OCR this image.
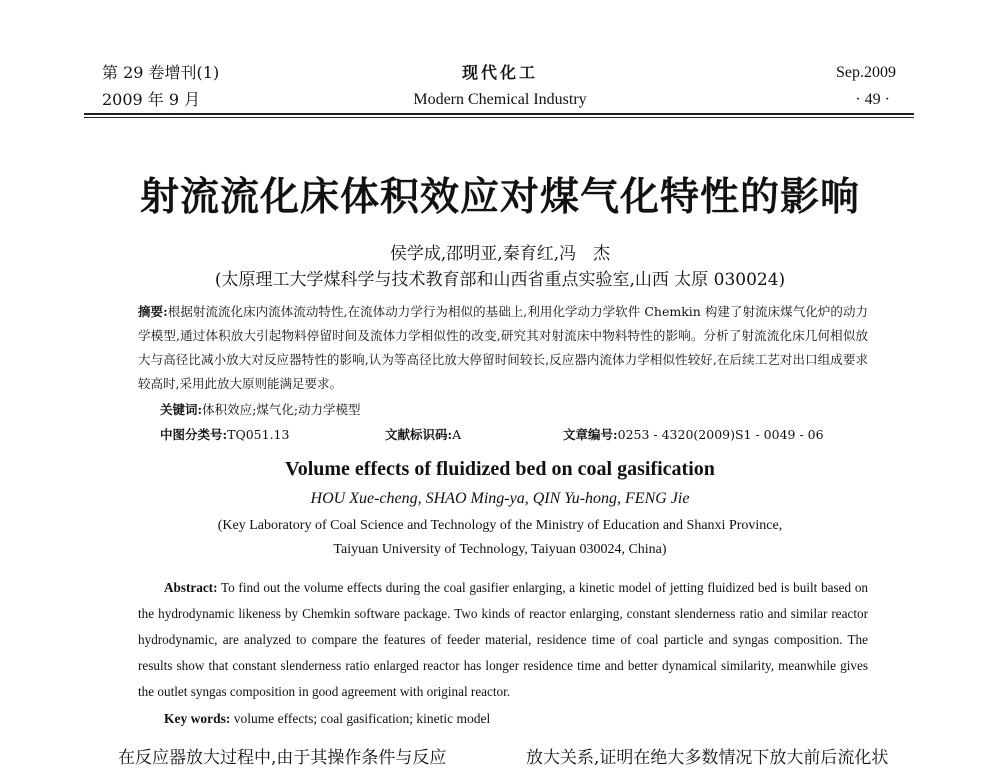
第 29 卷增刊(1)
2009 年 9 月
现代化工
Modern Chemical Industry
Sep.2009
· 49 ·
射流流化床体积效应对煤气化特性的影响
侯学成,邵明亚,秦育红,冯　杰
(太原理工大学煤科学与技术教育部和山西省重点实验室,山西 太原 030024)
摘要:根据射流流化床内流体流动特性,在流体动力学行为相似的基础上,利用化学动力学软件 Chemkin 构建了射流床煤气化炉的动力学模型,通过体积放大引起物料停留时间及流体力学相似性的改变,研究其对射流床中物料特性的影响。分析了射流流化床几何相似放大与高径比减小放大对反应器特性的影响,认为等高径比放大停留时间较长,反应器内流体力学相似性较好,在后续工艺对出口组成要求较高时,采用此放大原则能满足要求。
关键词:体积效应;煤气化;动力学模型
中图分类号:TQ051.13	文献标识码:A	文章编号:0253 - 4320(2009)S1 - 0049 - 06
Volume effects of fluidized bed on coal gasification
HOU Xue-cheng, SHAO Ming-ya, QIN Yu-hong, FENG Jie
(Key Laboratory of Coal Science and Technology of the Ministry of Education and Shanxi Province,
Taiyuan University of Technology, Taiyuan 030024, China)
Abstract: To find out the volume effects during the coal gasifier enlarging, a kinetic model of jetting fluidized bed is built based on the hydrodynamic likeness by Chemkin software package. Two kinds of reactor enlarging, constant slenderness ratio and similar reactor hydrodynamic, are analyzed to compare the features of feeder material, residence time of coal particle and syngas composition. The results show that constant slenderness ratio enlarged reactor has longer residence time and better dynamical similarity, meanwhile gives the outlet syngas composition in good agreement with original reactor.
Key words: volume effects; coal gasification; kinetic model
在反应器放大过程中,由于其操作条件与反应	放大关系,证明在绝大多数情况下放大前后流化状
